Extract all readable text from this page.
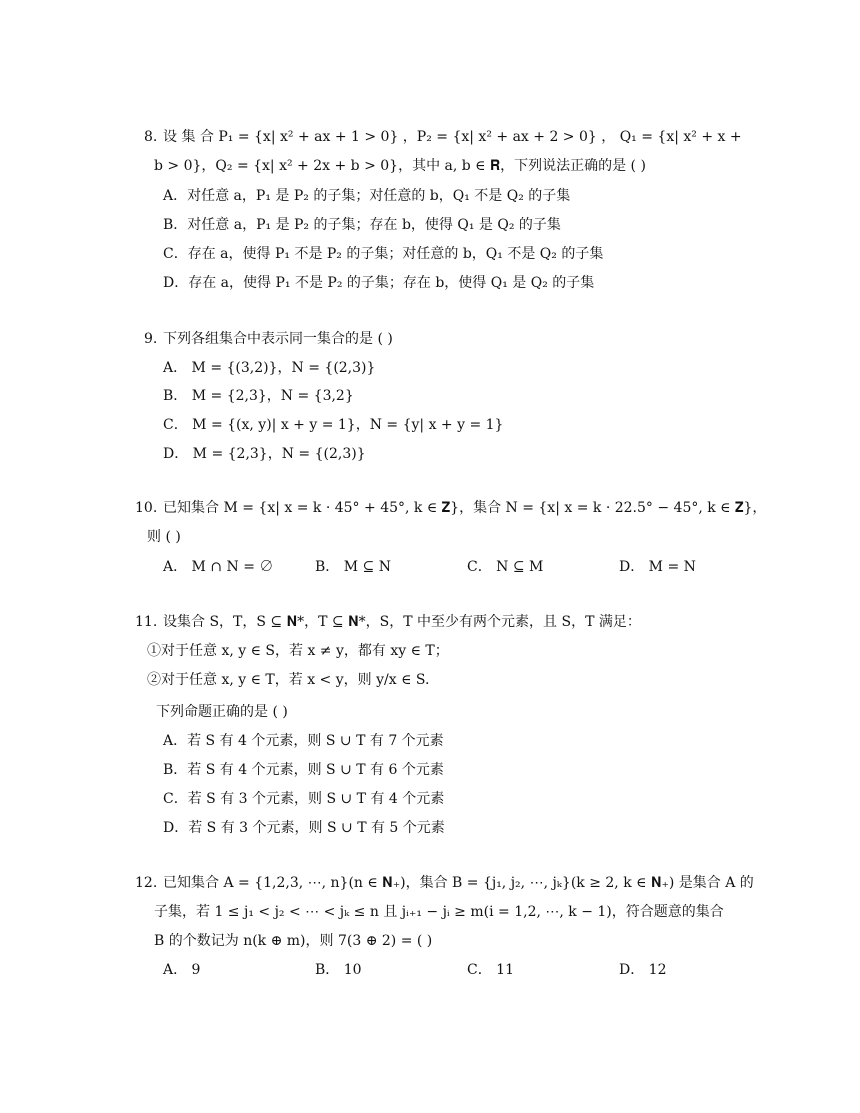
8. 设 集 合 P₁ = {x| x² + ax + 1 > 0} ，P₂ = {x| x² + ax + 2 > 0} ， Q₁ = {x| x² + x +
b > 0}，Q₂ = {x| x² + 2x + b > 0}，其中 a, b ∈ 𝐑，下列说法正确的是 ( )
A．对任意 a，P₁ 是 P₂ 的子集；对任意的 b，Q₁ 不是 Q₂ 的子集
B．对任意 a，P₁ 是 P₂ 的子集；存在 b，使得 Q₁ 是 Q₂ 的子集
C．存在 a，使得 P₁ 不是 P₂ 的子集；对任意的 b，Q₁ 不是 Q₂ 的子集
D．存在 a，使得 P₁ 不是 P₂ 的子集；存在 b，使得 Q₁ 是 Q₂ 的子集
9. 下列各组集合中表示同一集合的是 ( )
A． M = {(3,2)}，N = {(2,3)}
B． M = {2,3}，N = {3,2}
C． M = {(x, y)| x + y = 1}，N = {y| x + y = 1}
D． M = {2,3}，N = {(2,3)}
10. 已知集合 M = {x| x = k · 45° + 45°, k ∈ 𝐙}，集合 N = {x| x = k · 22.5° − 45°, k ∈ 𝐙}，
则 ( )
A． M ∩ N = ∅	B． M ⊆ N	C． N ⊆ M	D． M = N
11. 设集合 S，T，S ⊆ 𝐍*，T ⊆ 𝐍*，S，T 中至少有两个元素，且 S，T 满足：
①对于任意 x, y ∈ S，若 x ≠ y，都有 xy ∈ T；
②对于任意 x, y ∈ T，若 x < y，则 y/x ∈ S.
下列命题正确的是 ( )
A．若 S 有 4 个元素，则 S ∪ T 有 7 个元素
B．若 S 有 4 个元素，则 S ∪ T 有 6 个元素
C．若 S 有 3 个元素，则 S ∪ T 有 4 个元素
D．若 S 有 3 个元素，则 S ∪ T 有 5 个元素
12. 已知集合 A = {1,2,3, ⋯, n}(n ∈ 𝐍₊)，集合 B = {j₁, j₂, ⋯, jₖ}(k ≥ 2, k ∈ 𝐍₊) 是集合 A 的
子集，若 1 ≤ j₁ < j₂ < ⋯ < jₖ ≤ n 且 jᵢ₊₁ − jᵢ ≥ m(i = 1,2, ⋯, k − 1)，符合题意的集合
B 的个数记为 n(k ⊕ m)，则 7(3 ⊕ 2) = ( )
A． 9	B． 10	C． 11	D． 12
